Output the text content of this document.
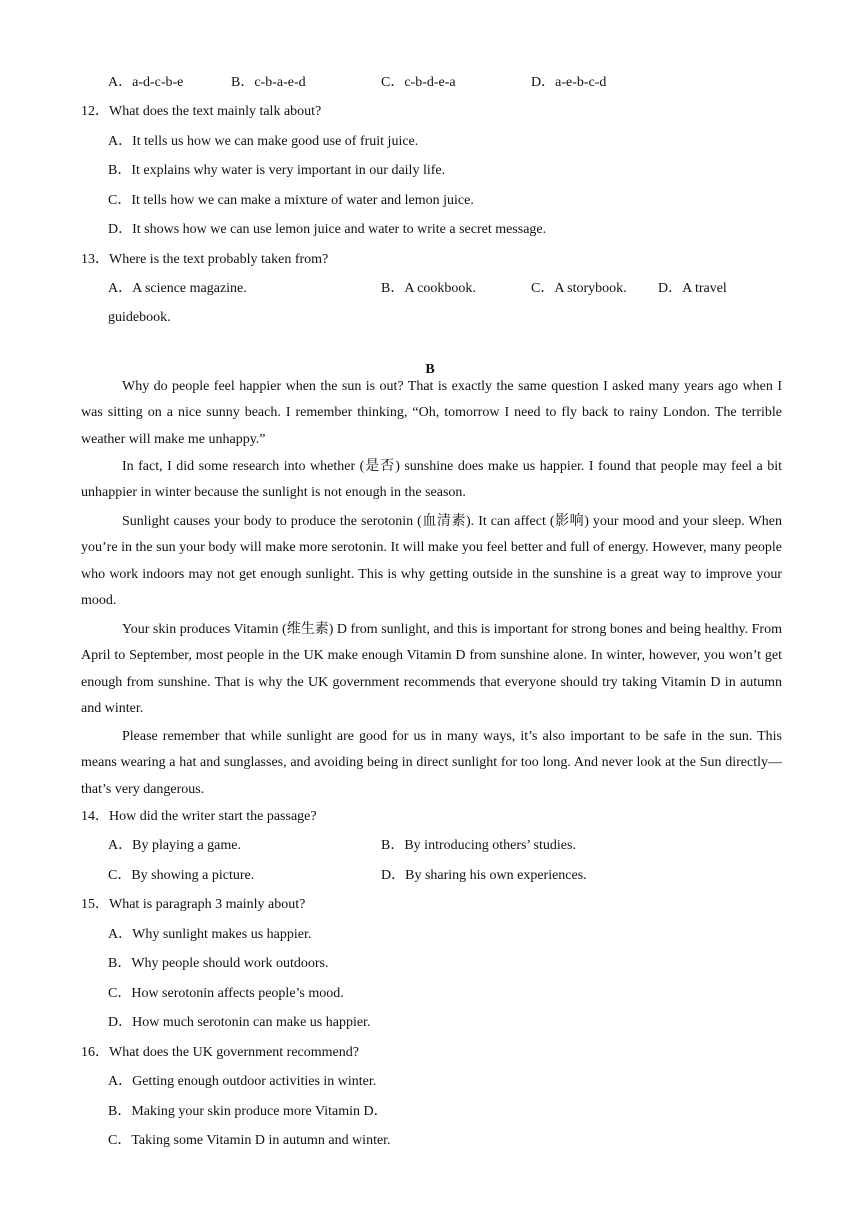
A．a-d-c-b-e	B．c-b-a-e-d	C．c-b-d-e-a	D．a-e-b-c-d
12．What does the text mainly talk about?
A．It tells us how we can make good use of fruit juice.
B．It explains why water is very important in our daily life.
C．It tells how we can make a mixture of water and lemon juice.
D．It shows how we can use lemon juice and water to write a secret message.
13．Where is the text probably taken from?
A．A science magazine.	B．A cookbook.	C．A storybook. D．A travel
guidebook.
B
Why do people feel happier when the sun is out? That is exactly the same question I asked many years ago when I was sitting on a nice sunny beach. I remember thinking, “Oh, tomorrow I need to fly back to rainy London. The terrible weather will make me unhappy.”
In fact, I did some research into whether (是否) sunshine does make us happier. I found that people may feel a bit unhappier in winter because the sunlight is not enough in the season.
Sunlight causes your body to produce the serotonin (血清素). It can affect (影响) your mood and your sleep. When you’re in the sun your body will make more serotonin. It will make you feel better and full of energy. However, many people who work indoors may not get enough sunlight. This is why getting outside in the sunshine is a great way to improve your mood.
Your skin produces Vitamin (维生素) D from sunlight, and this is important for strong bones and being healthy. From April to September, most people in the UK make enough Vitamin D from sunshine alone. In winter, however, you won’t get enough from sunshine. That is why the UK government recommends that everyone should try taking Vitamin D in autumn and winter.
Please remember that while sunlight are good for us in many ways, it’s also important to be safe in the sun. This means wearing a hat and sunglasses, and avoiding being in direct sunlight for too long. And never look at the Sun directly—that’s very dangerous.
14．How did the writer start the passage?
A．By playing a game.	B．By introducing others’ studies.
C．By showing a picture.	D．By sharing his own experiences.
15．What is paragraph 3 mainly about?
A．Why sunlight makes us happier.
B．Why people should work outdoors.
C．How serotonin affects people’s mood.
D．How much serotonin can make us happier.
16．What does the UK government recommend?
A．Getting enough outdoor activities in winter.
B．Making your skin produce more Vitamin D．
C．Taking some Vitamin D in autumn and winter.
